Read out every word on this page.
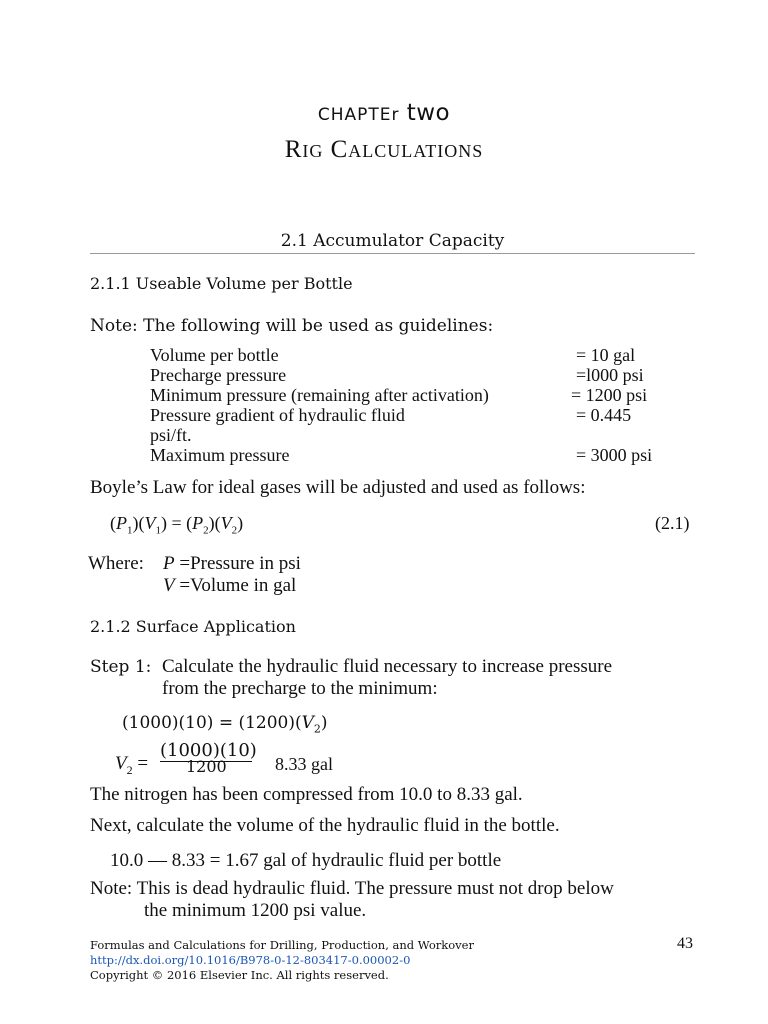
CHAPTEr two
Rig Calculations
2.1 Accumulator Capacity
2.1.1 Useable Volume per Bottle
Note: The following will be used as guidelines:
Volume per bottle	= 10 gal
Precharge pressure	=l000 psi
Minimum pressure (remaining after activation)	= 1200 psi
Pressure gradient of hydraulic fluid	= 0.445
psi/ft.
Maximum pressure	= 3000 psi
Boyle’s Law for ideal gases will be adjusted and used as follows:
$(P_1)(V_1) = (P_2)(V_2)$	(2.1)
Where: P =Pressure in psi
V =Volume in gal
2.1.2 Surface Application
Step 1: Calculate the hydraulic fluid necessary to increase pressure
from the precharge to the minimum:
$(1000)(10) = (1200)(V_2)$
$V_2$ =
(1000)(10)
1200	8.33 gal
The nitrogen has been compressed from 10.0 to 8.33 gal.
Next, calculate the volume of the hydraulic fluid in the bottle.
10.0 — 8.33 = 1.67 gal of hydraulic fluid per bottle
Note: This is dead hydraulic fluid. The pressure must not drop below
the minimum 1200 psi value.
Formulas and Calculations for Drilling, Production, and Workover
http://dx.doi.org/10.1016/B978-0-12-803417-0.00002-0
Copyright © 2016 Elsevier Inc. All rights reserved.
43
